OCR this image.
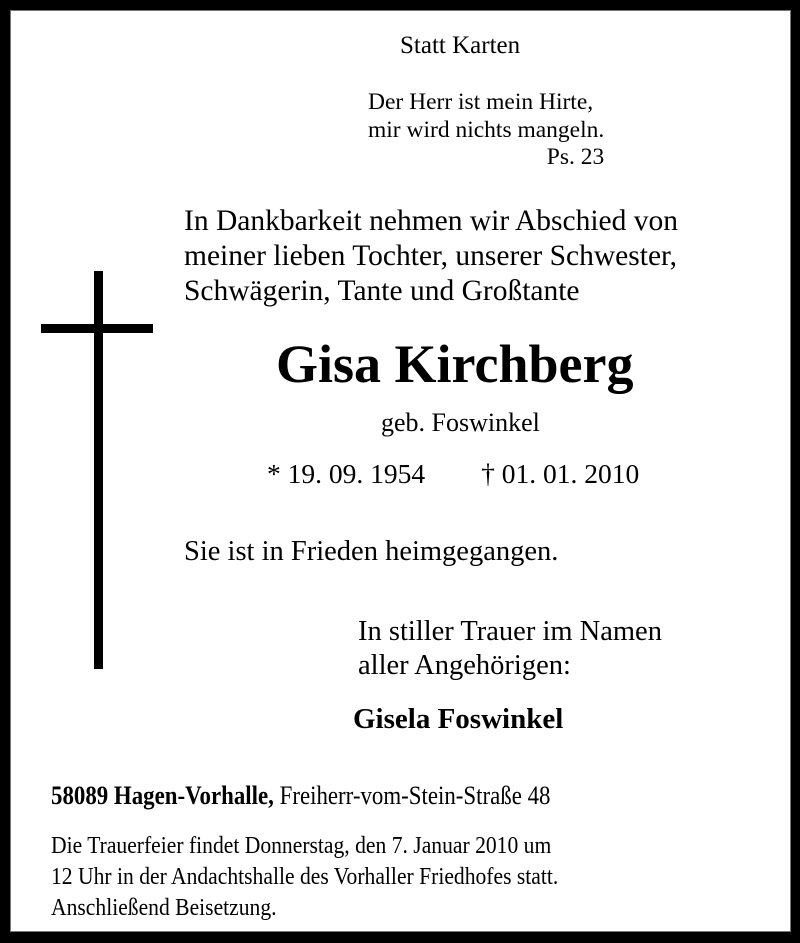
Statt Karten

Der Herr ist mein Hirte,
mir wird nichts mangeln.
Ps. 23
In Dankbarkeit nehmen wir Abschied von
meiner lieben Tochter, unserer Schwester,
Schwägerin, Tante und Großtante

Gisa Kirchberg

geb. Foswinkel

* 19. 09. 1954 † 01. 01. 2010

Sie ist in Frieden heimgegangen.

In stiller Trauer im Namen
aller Angehörigen:

Gisela Foswinkel

58089 Hagen-Vorhalle, Freiherr-vom-Stein-Straße 48

Die Trauerfeier findet Donnerstag, den 7. Januar 2010 um
12 Uhr in der Andachtshalle des Vorhaller Friedhofes statt.
Anschließend Beisetzung.
